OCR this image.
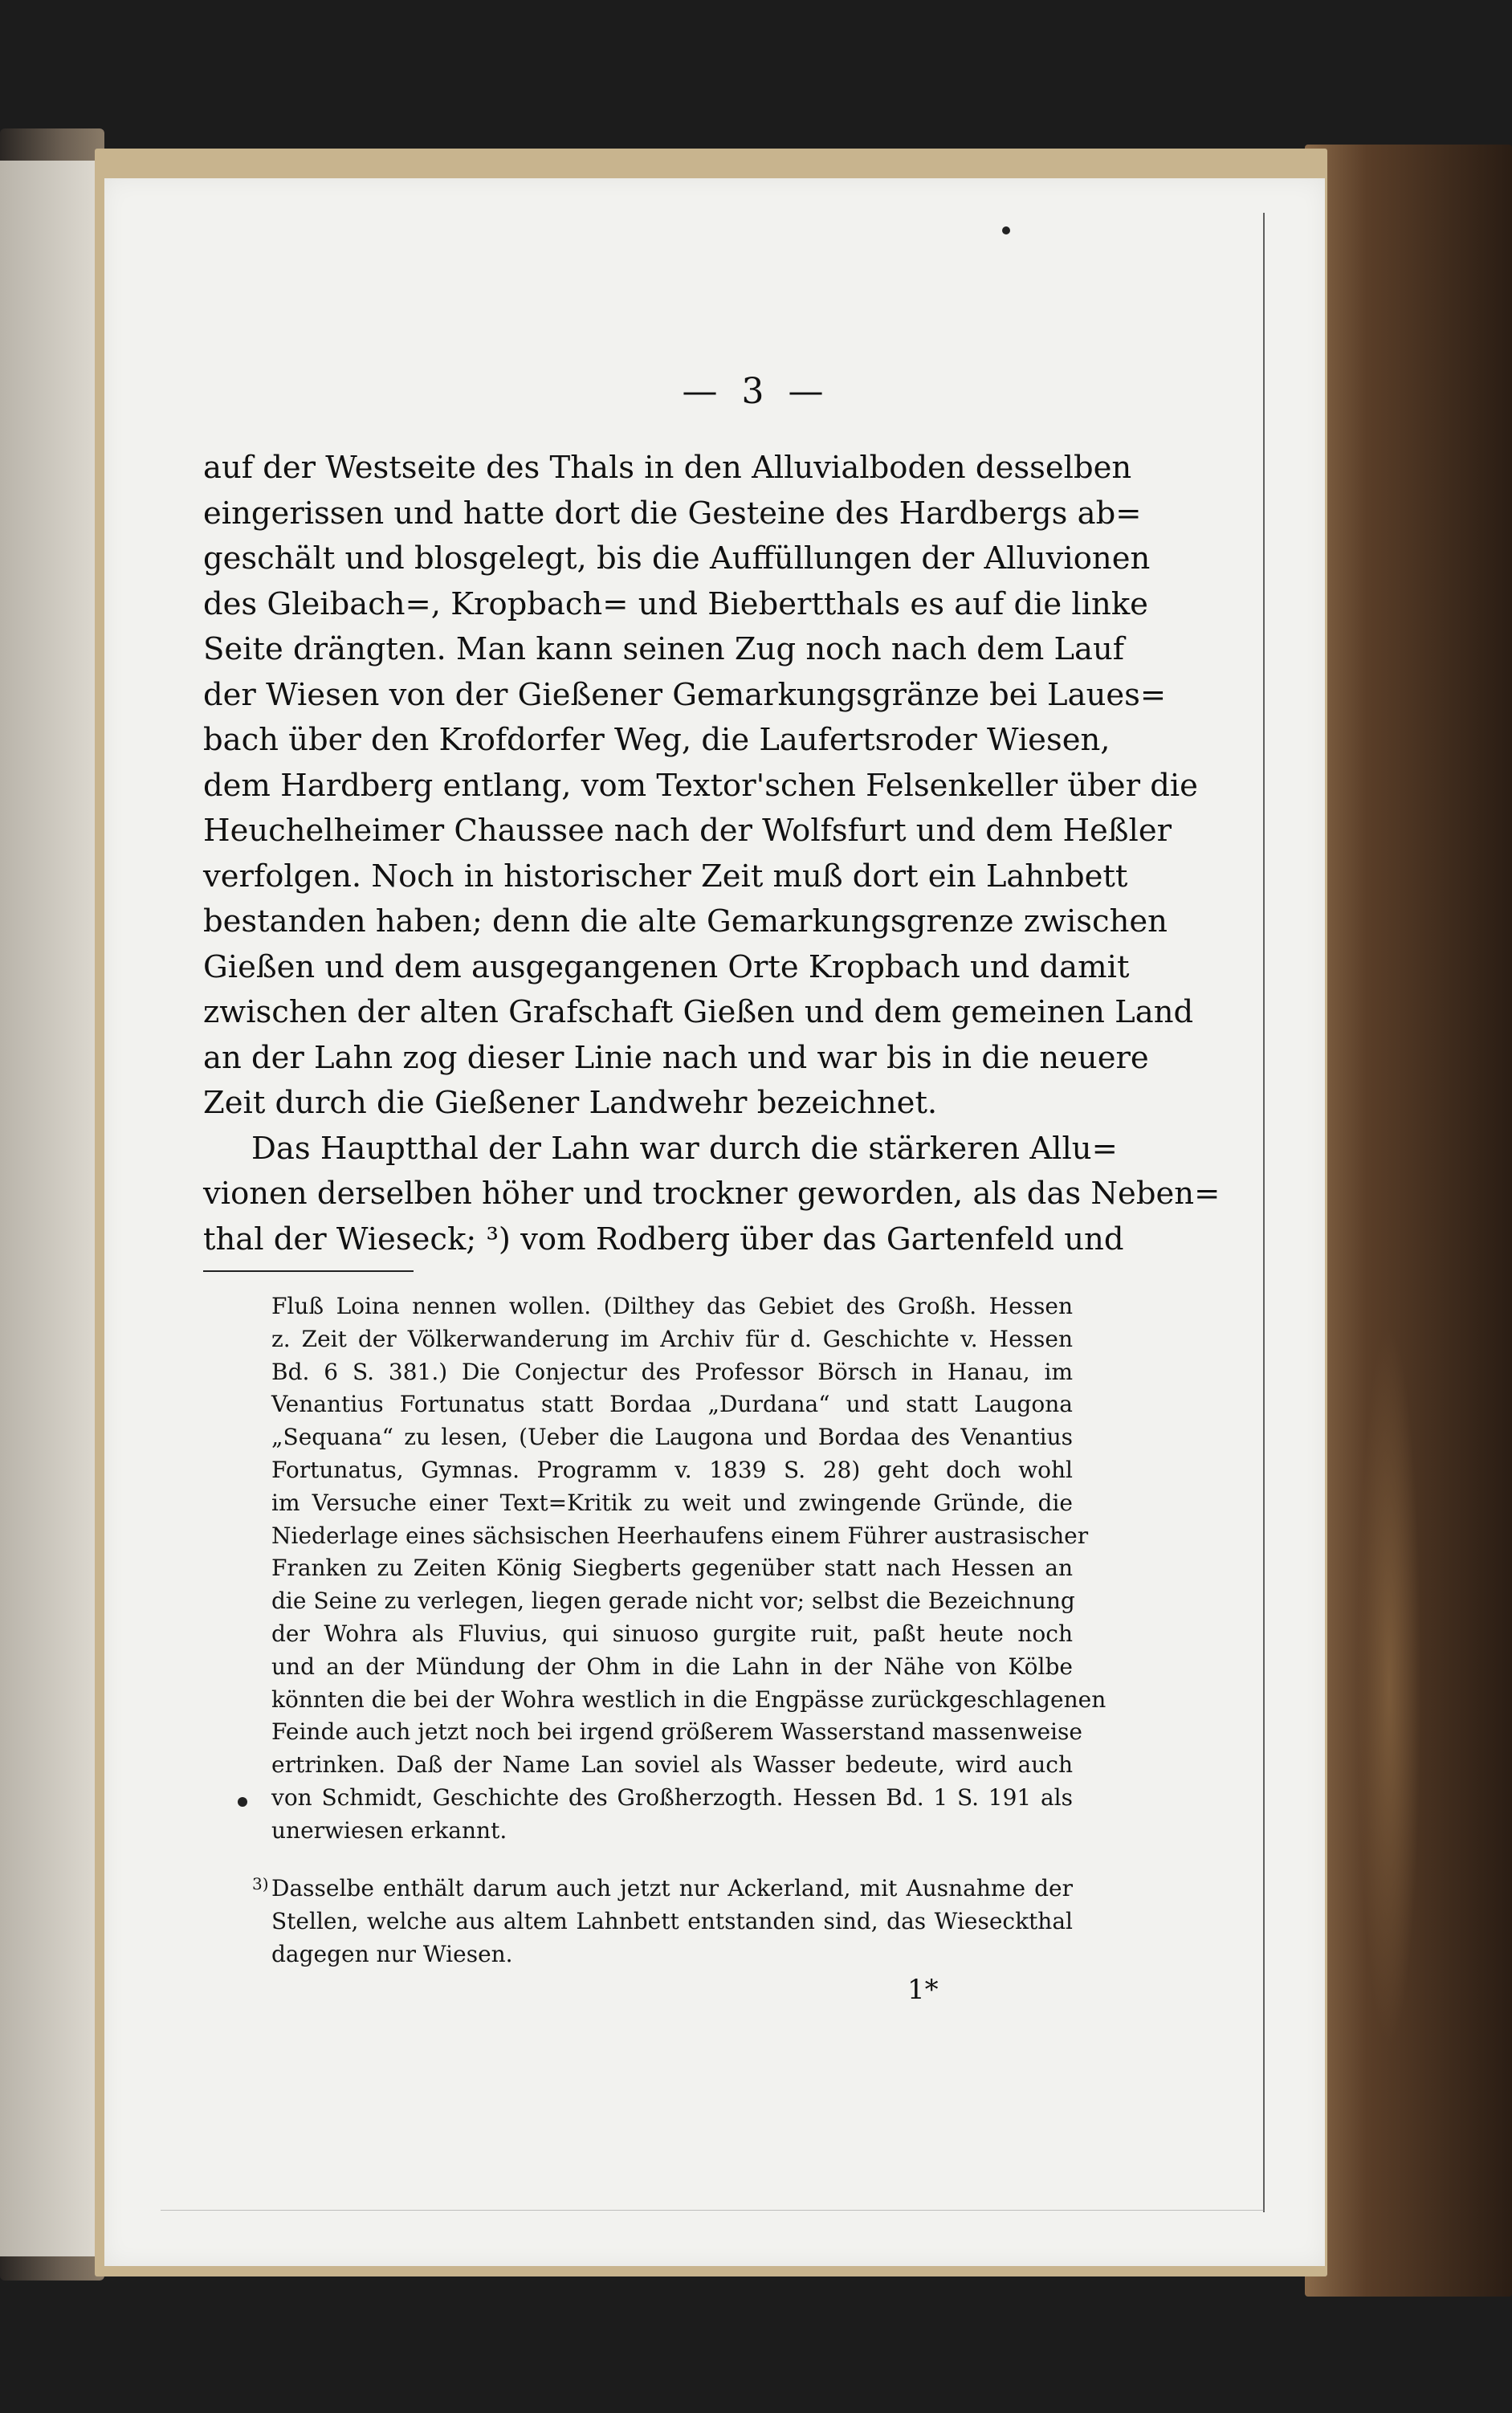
— 3 —
auf der Westseite des Thals in den Alluvialboden desselben
eingerissen und hatte dort die Gesteine des Hardbergs ab=
geschält und blosgelegt, bis die Auffüllungen der Alluvionen
des Gleibach=, Kropbach= und Biebertthals es auf die linke
Seite drängten. Man kann seinen Zug noch nach dem Lauf
der Wiesen von der Gießener Gemarkungsgränze bei Laues=
bach über den Krofdorfer Weg, die Laufertsroder Wiesen,
dem Hardberg entlang, vom Textor'schen Felsenkeller über die
Heuchelheimer Chaussee nach der Wolfsfurt und dem Heßler
verfolgen. Noch in historischer Zeit muß dort ein Lahnbett
bestanden haben; denn die alte Gemarkungsgrenze zwischen
Gießen und dem ausgegangenen Orte Kropbach und damit
zwischen der alten Grafschaft Gießen und dem gemeinen Land
an der Lahn zog dieser Linie nach und war bis in die neuere
Zeit durch die Gießener Landwehr bezeichnet.
Das Hauptthal der Lahn war durch die stärkeren Allu=
vionen derselben höher und trockner geworden, als das Neben=
thal der Wieseck; ³) vom Rodberg über das Gartenfeld und
Fluß Loina nennen wollen. (Dilthey das Gebiet des Großh. Hessen
z. Zeit der Völkerwanderung im Archiv für d. Geschichte v. Hessen
Bd. 6 S. 381.) Die Conjectur des Professor Börsch in Hanau, im
Venantius Fortunatus statt Bordaa „Durdana“ und statt Laugona
„Sequana“ zu lesen, (Ueber die Laugona und Bordaa des Venantius
Fortunatus, Gymnas. Programm v. 1839 S. 28) geht doch wohl
im Versuche einer Text=Kritik zu weit und zwingende Gründe, die
Niederlage eines sächsischen Heerhaufens einem Führer austrasischer
Franken zu Zeiten König Siegberts gegenüber statt nach Hessen an
die Seine zu verlegen, liegen gerade nicht vor; selbst die Bezeichnung
der Wohra als Fluvius, qui sinuoso gurgite ruit, paßt heute noch
und an der Mündung der Ohm in die Lahn in der Nähe von Kölbe
könnten die bei der Wohra westlich in die Engpässe zurückgeschlagenen
Feinde auch jetzt noch bei irgend größerem Wasserstand massenweise
ertrinken. Daß der Name Lan soviel als Wasser bedeute, wird auch
von Schmidt, Geschichte des Großherzogth. Hessen Bd. 1 S. 191 als
unerwiesen erkannt.
3) Dasselbe enthält darum auch jetzt nur Ackerland, mit Ausnahme der
Stellen, welche aus altem Lahnbett entstanden sind, das Wieseckthal
dagegen nur Wiesen.
1*
